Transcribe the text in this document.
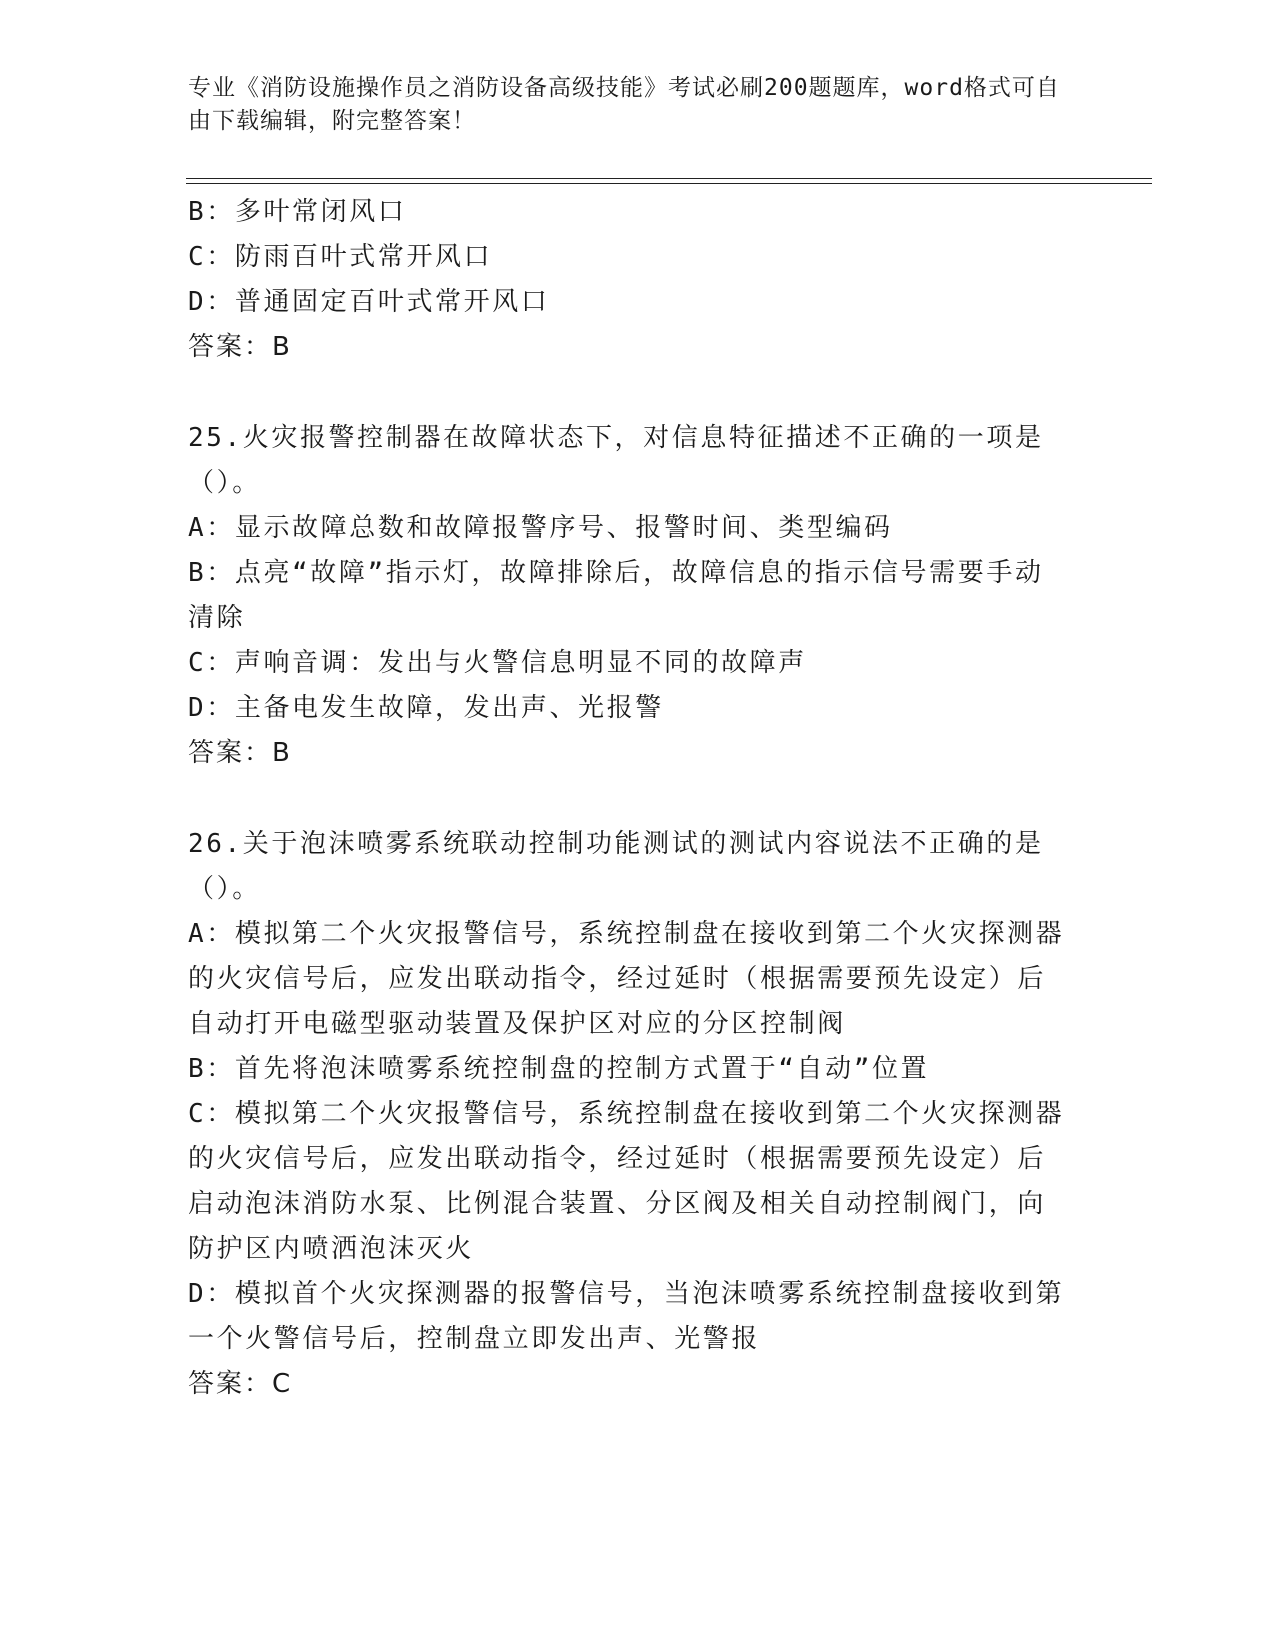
专业《消防设施操作员之消防设备高级技能》考试必刷200题题库，word格式可自由下载编辑，附完整答案！

B：多叶常闭风口

C：防雨百叶式常开风口

D：普通固定百叶式常开风口

答案：B

25.火灾报警控制器在故障状态下，对信息特征描述不正确的一项是（）。

A：显示故障总数和故障报警序号、报警时间、类型编码

B：点亮“故障”指示灯，故障排除后，故障信息的指示信号需要手动清除

C：声响音调：发出与火警信息明显不同的故障声

D：主备电发生故障，发出声、光报警

答案：B

26.关于泡沫喷雾系统联动控制功能测试的测试内容说法不正确的是（）。

A：模拟第二个火灾报警信号，系统控制盘在接收到第二个火灾探测器的火灾信号后，应发出联动指令，经过延时（根据需要预先设定）后自动打开电磁型驱动装置及保护区对应的分区控制阀

B：首先将泡沫喷雾系统控制盘的控制方式置于“自动”位置

C：模拟第二个火灾报警信号，系统控制盘在接收到第二个火灾探测器的火灾信号后，应发出联动指令，经过延时（根据需要预先设定）后启动泡沫消防水泵、比例混合装置、分区阀及相关自动控制阀门，向防护区内喷洒泡沫灭火

D：模拟首个火灾探测器的报警信号，当泡沫喷雾系统控制盘接收到第一个火警信号后，控制盘立即发出声、光警报

答案：C
